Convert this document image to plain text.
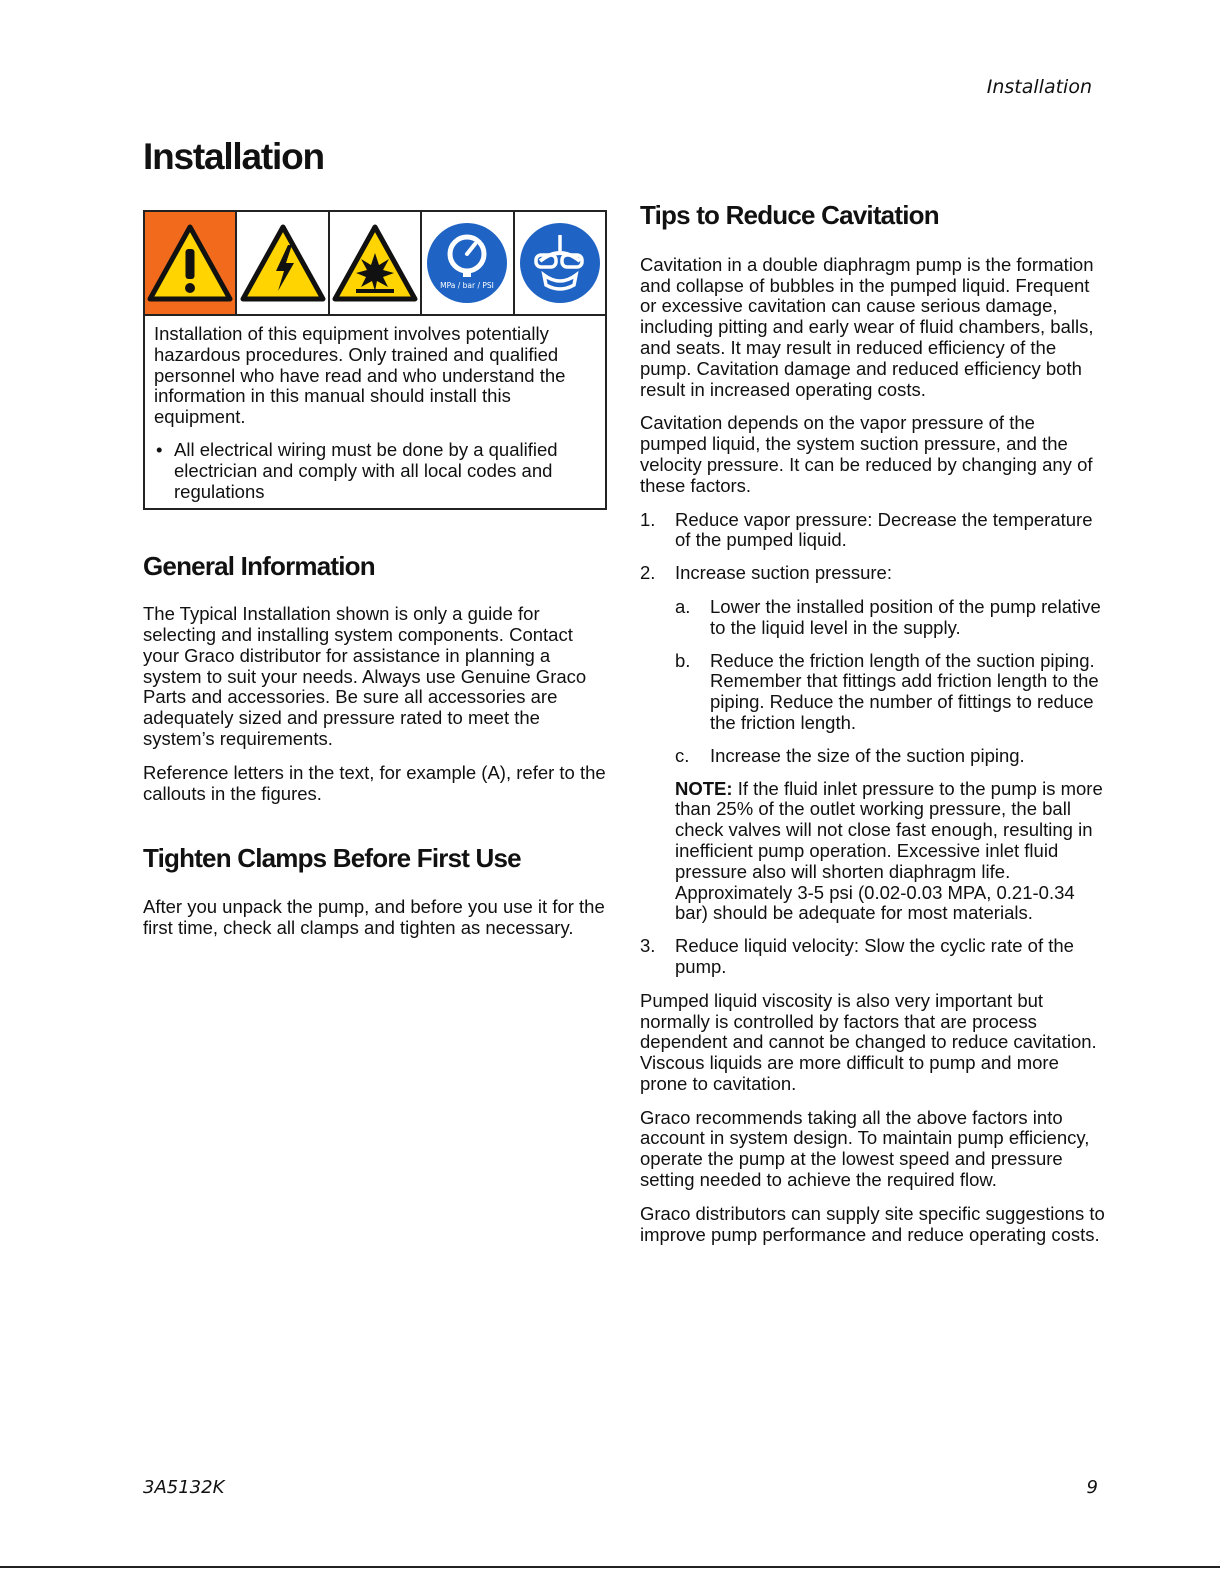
Installation
Installation
MPa / bar / PSI

Installation of this equipment involves potentially hazardous procedures. Only trained and qualified personnel who have read and who understand the information in this manual should install this equipment.

• All electrical wiring must be done by a qualified electrician and comply with all local codes and regulations
General Information

The Typical Installation shown is only a guide for selecting and installing system components. Contact your Graco distributor for assistance in planning a system to suit your needs. Always use Genuine Graco Parts and accessories. Be sure all accessories are adequately sized and pressure rated to meet the system’s requirements.

Reference letters in the text, for example (A), refer to the callouts in the figures.

Tighten Clamps Before First Use

After you unpack the pump, and before you use it for the first time, check all clamps and tighten as necessary.

Tips to Reduce Cavitation

Cavitation in a double diaphragm pump is the formation and collapse of bubbles in the pumped liquid. Frequent or excessive cavitation can cause serious damage, including pitting and early wear of fluid chambers, balls, and seats. It may result in reduced efficiency of the pump. Cavitation damage and reduced efficiency both result in increased operating costs.

Cavitation depends on the vapor pressure of the pumped liquid, the system suction pressure, and the velocity pressure. It can be reduced by changing any of these factors.

1. Reduce vapor pressure: Decrease the temperature of the pumped liquid.
2. Increase suction pressure:
a. Lower the installed position of the pump relative to the liquid level in the supply.
b. Reduce the friction length of the suction piping. Remember that fittings add friction length to the piping. Reduce the number of fittings to reduce the friction length.
c. Increase the size of the suction piping.

NOTE: If the fluid inlet pressure to the pump is more than 25% of the outlet working pressure, the ball check valves will not close fast enough, resulting in inefficient pump operation. Excessive inlet fluid pressure also will shorten diaphragm life. Approximately 3-5 psi (0.02-0.03 MPA, 0.21-0.34 bar) should be adequate for most materials.

3. Reduce liquid velocity: Slow the cyclic rate of the pump.

Pumped liquid viscosity is also very important but normally is controlled by factors that are process dependent and cannot be changed to reduce cavitation. Viscous liquids are more difficult to pump and more prone to cavitation.

Graco recommends taking all the above factors into account in system design. To maintain pump efficiency, operate the pump at the lowest speed and pressure setting needed to achieve the required flow.

Graco distributors can supply site specific suggestions to improve pump performance and reduce operating costs.

3A5132K	9
